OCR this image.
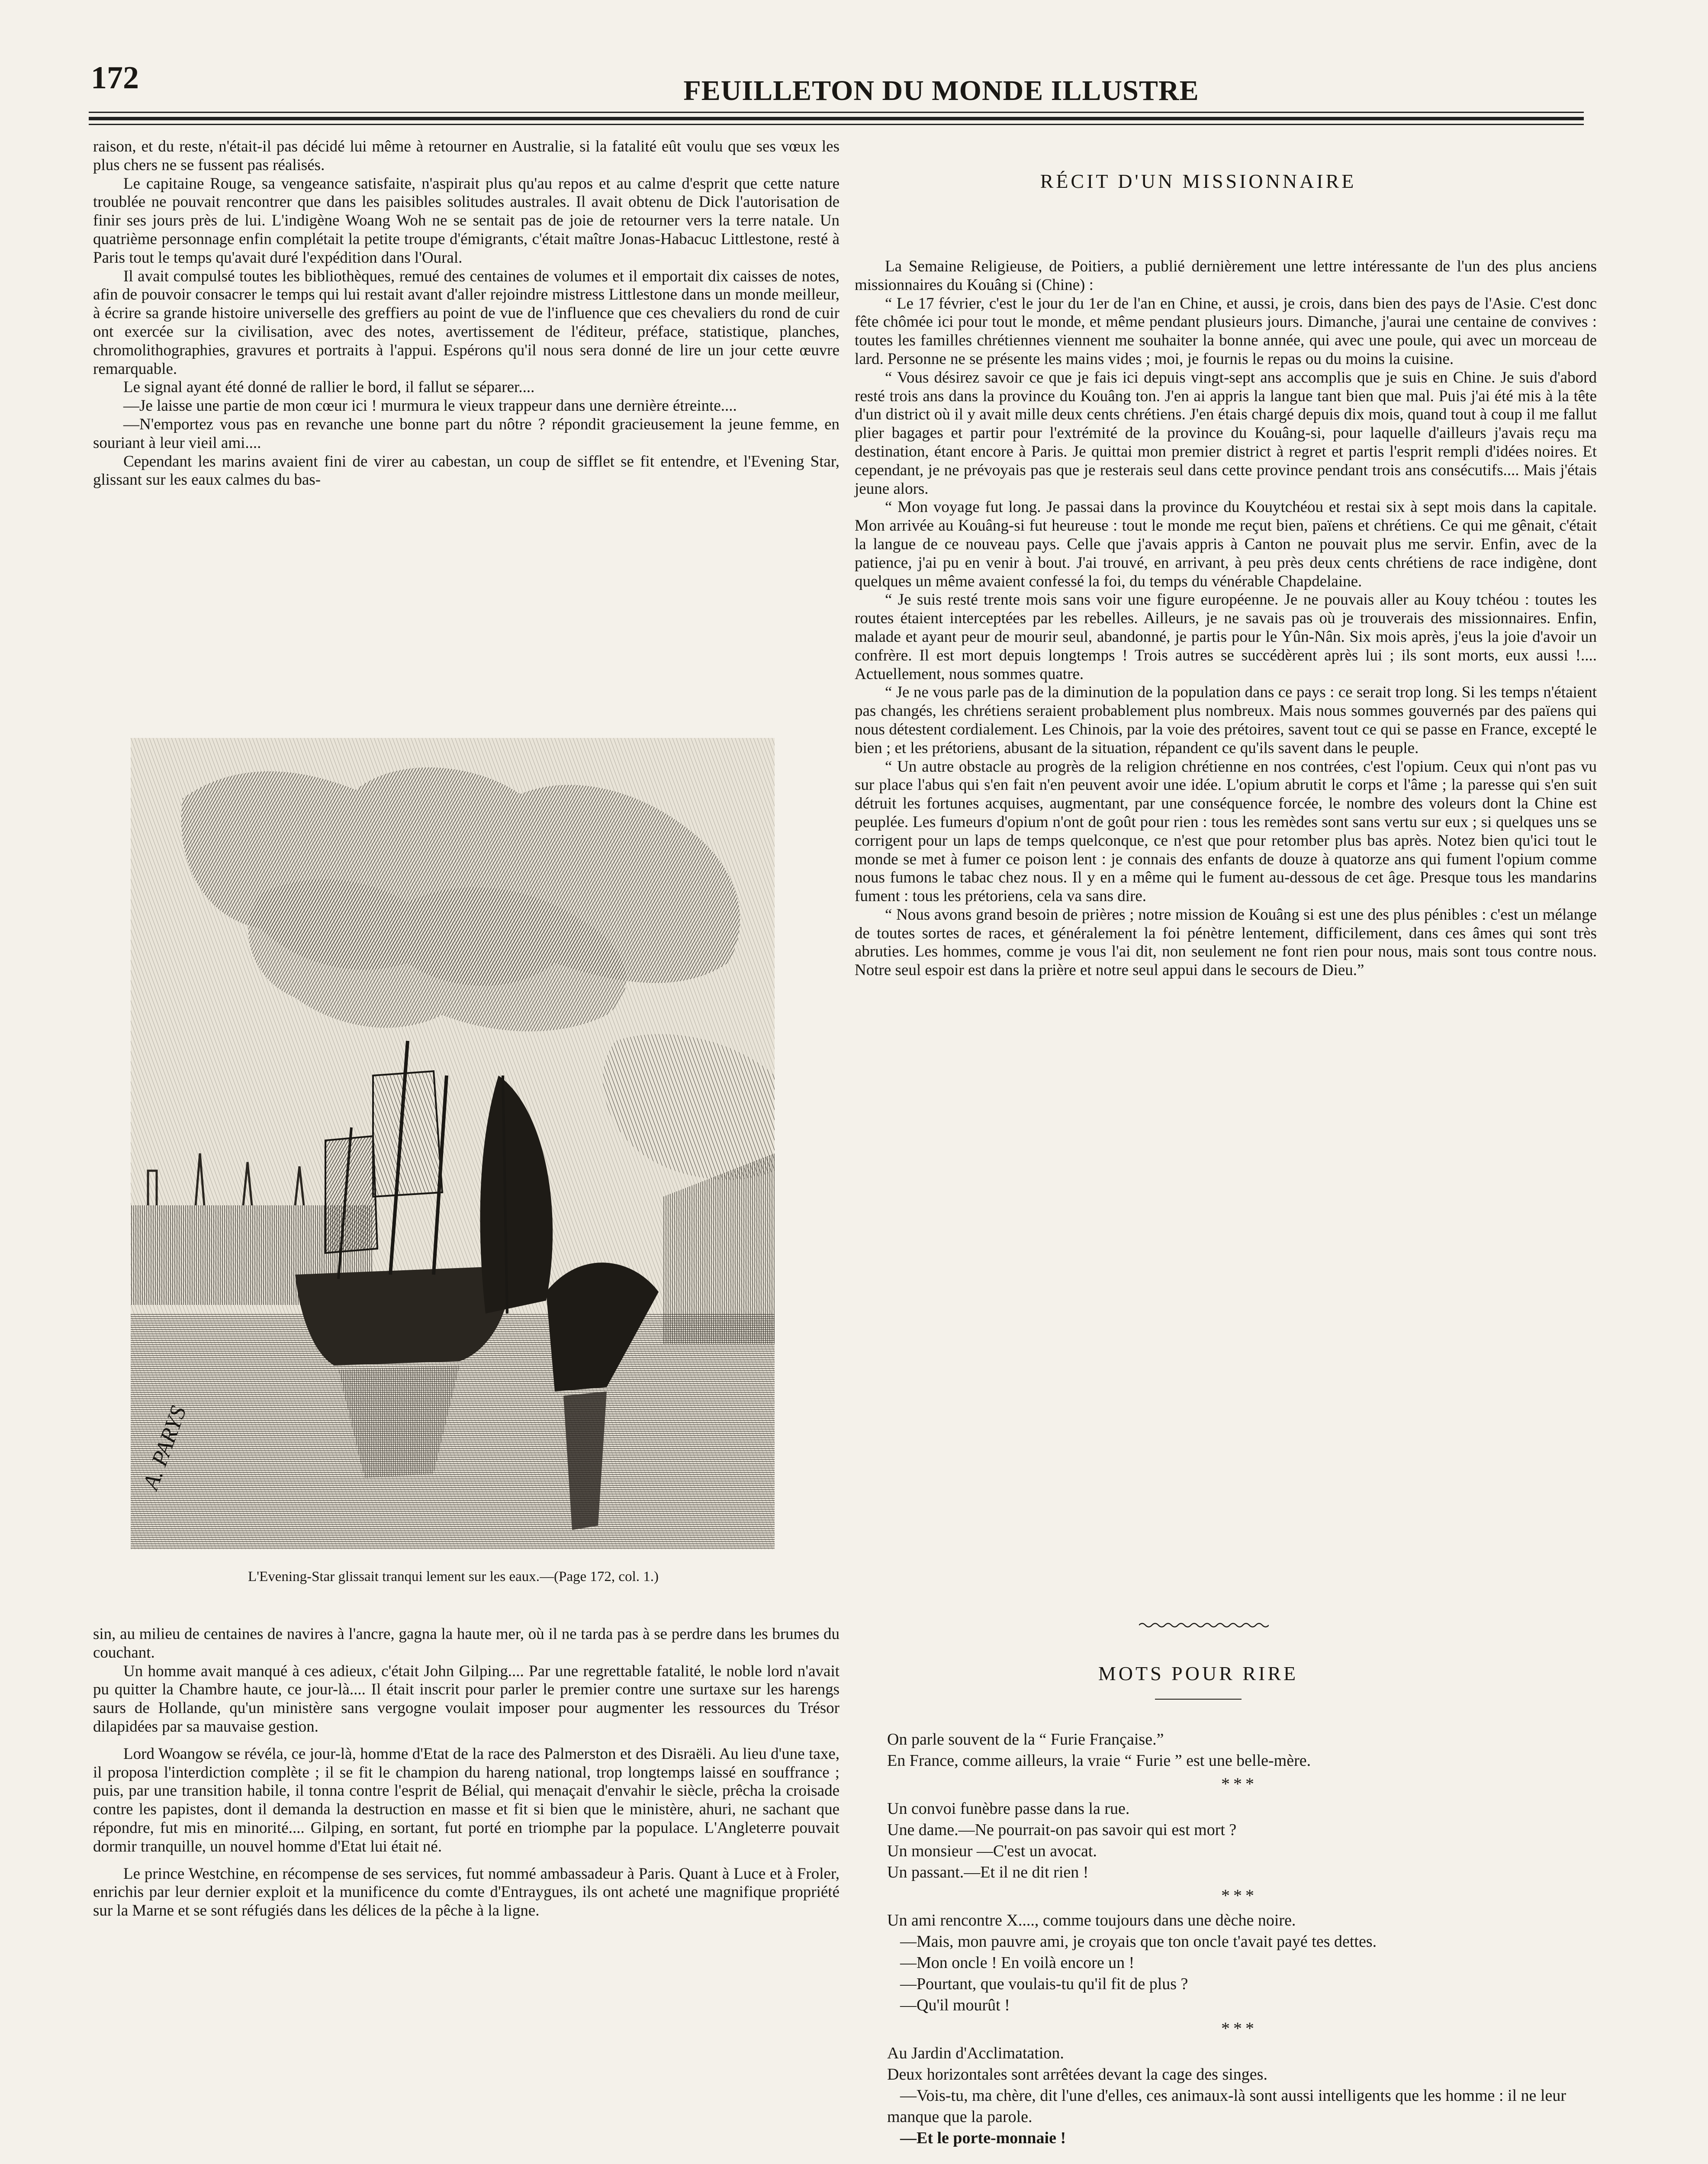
172	FEUILLETON DU MONDE ILLUSTRE

raison, et du reste, n'était-il pas décidé lui même à retourner en Australie, si la fatalité eût voulu que ses vœux les plus chers ne se fussent pas réalisés.

Le capitaine Rouge, sa vengeance satisfaite, n'aspirait plus qu'au repos et au calme d'esprit que cette nature troublée ne pouvait rencontrer que dans les paisibles solitudes australes. Il avait obtenu de Dick l'autorisation de finir ses jours près de lui. L'indigène Woang Woh ne se sentait pas de joie de retourner vers la terre natale. Un quatrième personnage enfin complétait la petite troupe d'émigrants, c'était maître Jonas-Habacuc Littlestone, resté à Paris tout le temps qu'avait duré l'expédition dans l'Oural.

Il avait compulsé toutes les bibliothèques, remué des centaines de volumes et il emportait dix caisses de notes, afin de pouvoir consacrer le temps qui lui restait avant d'aller rejoindre mistress Littlestone dans un monde meilleur, à écrire sa grande histoire universelle des greffiers au point de vue de l'influence que ces chevaliers du rond de cuir ont exercée sur la civilisation, avec des notes, avertissement de l'éditeur, préface, statistique, planches, chromolithographies, gravures et portraits à l'appui. Espérons qu'il nous sera donné de lire un jour cette œuvre remarquable.

Le signal ayant été donné de rallier le bord, il fallut se séparer....

—Je laisse une partie de mon cœur ici ! murmura le vieux trappeur dans une dernière étreinte....

—N'emportez vous pas en revanche une bonne part du nôtre ? répondit gracieusement la jeune femme, en souriant à leur vieil ami....

Cependant les marins avaient fini de virer au cabestan, un coup de sifflet se fit entendre, et l'Evening Star, glissant sur les eaux calmes du bas-

A. PARYS
L'Evening-Star glissait tranqui lement sur les eaux.—(Page 172, col. 1.)

sin, au milieu de centaines de navires à l'ancre, gagna la haute mer, où il ne tarda pas à se perdre dans les brumes du couchant.

Un homme avait manqué à ces adieux, c'était John Gilping.... Par une regrettable fatalité, le noble lord n'avait pu quitter la Chambre haute, ce jour-là.... Il était inscrit pour parler le premier contre une surtaxe sur les harengs saurs de Hollande, qu'un ministère sans vergogne voulait imposer pour augmenter les ressources du Trésor dilapidées par sa mauvaise gestion.

Lord Woangow se révéla, ce jour-là, homme d'Etat de la race des Palmerston et des Disraëli. Au lieu d'une taxe, il proposa l'interdiction complète ; il se fit le champion du hareng national, trop longtemps laissé en souffrance ; puis, par une transition habile, il tonna contre l'esprit de Bélial, qui menaçait d'envahir le siècle, prêcha la croisade contre les papistes, dont il demanda la destruction en masse et fit si bien que le ministère, ahuri, ne sachant que répondre, fut mis en minorité.... Gilping, en sortant, fut porté en triomphe par la populace. L'Angleterre pouvait dormir tranquille, un nouvel homme d'Etat lui était né.

Le prince Westchine, en récompense de ses services, fut nommé ambassadeur à Paris. Quant à Luce et à Froler, enrichis par leur dernier exploit et la munificence du comte d'Entraygues, ils ont acheté une magnifique propriété sur la Marne et se sont réfugiés dans les délices de la pêche à la ligne.

RÉCIT D'UN MISSIONNAIRE

La Semaine Religieuse, de Poitiers, a publié dernièrement une lettre intéressante de l'un des plus anciens missionnaires du Kouâng si (Chine) :

“ Le 17 février, c'est le jour du 1er de l'an en Chine, et aussi, je crois, dans bien des pays de l'Asie. C'est donc fête chômée ici pour tout le monde, et même pendant plusieurs jours. Dimanche, j'aurai une centaine de convives : toutes les familles chrétiennes viennent me souhaiter la bonne année, qui avec une poule, qui avec un morceau de lard. Personne ne se présente les mains vides ; moi, je fournis le repas ou du moins la cuisine.

“ Vous désirez savoir ce que je fais ici depuis vingt-sept ans accomplis que je suis en Chine. Je suis d'abord resté trois ans dans la province du Kouâng ton. J'en ai appris la langue tant bien que mal. Puis j'ai été mis à la tête d'un district où il y avait mille deux cents chrétiens. J'en étais chargé depuis dix mois, quand tout à coup il me fallut plier bagages et partir pour l'extrémité de la province du Kouâng-si, pour laquelle d'ailleurs j'avais reçu ma destination, étant encore à Paris. Je quittai mon premier district à regret et partis l'esprit rempli d'idées noires. Et cependant, je ne prévoyais pas que je resterais seul dans cette province pendant trois ans consécutifs.... Mais j'étais jeune alors.

“ Mon voyage fut long. Je passai dans la province du Kouytchéou et restai six à sept mois dans la capitale. Mon arrivée au Kouâng-si fut heureuse : tout le monde me reçut bien, païens et chrétiens. Ce qui me gênait, c'était la langue de ce nouveau pays. Celle que j'avais appris à Canton ne pouvait plus me servir. Enfin, avec de la patience, j'ai pu en venir à bout. J'ai trouvé, en arrivant, à peu près deux cents chrétiens de race indigène, dont quelques un même avaient confessé la foi, du temps du vénérable Chapdelaine.

“ Je suis resté trente mois sans voir une figure européenne. Je ne pouvais aller au Kouy tchéou : toutes les routes étaient interceptées par les rebelles. Ailleurs, je ne savais pas où je trouverais des missionnaires. Enfin, malade et ayant peur de mourir seul, abandonné, je partis pour le Yûn-Nân. Six mois après, j'eus la joie d'avoir un confrère. Il est mort depuis longtemps ! Trois autres se succédèrent après lui ; ils sont morts, eux aussi !.... Actuellement, nous sommes quatre.

“ Je ne vous parle pas de la diminution de la population dans ce pays : ce serait trop long. Si les temps n'étaient pas changés, les chrétiens seraient probablement plus nombreux. Mais nous sommes gouvernés par des païens qui nous détestent cordialement. Les Chinois, par la voie des prétoires, savent tout ce qui se passe en France, excepté le bien ; et les prétoriens, abusant de la situation, répandent ce qu'ils savent dans le peuple.

“ Un autre obstacle au progrès de la religion chrétienne en nos contrées, c'est l'opium. Ceux qui n'ont pas vu sur place l'abus qui s'en fait n'en peuvent avoir une idée. L'opium abrutit le corps et l'âme ; la paresse qui s'en suit détruit les fortunes acquises, augmentant, par une conséquence forcée, le nombre des voleurs dont la Chine est peuplée. Les fumeurs d'opium n'ont de goût pour rien : tous les remèdes sont sans vertu sur eux ; si quelques uns se corrigent pour un laps de temps quelconque, ce n'est que pour retomber plus bas après. Notez bien qu'ici tout le monde se met à fumer ce poison lent : je connais des enfants de douze à quatorze ans qui fument l'opium comme nous fumons le tabac chez nous. Il y en a même qui le fument au-dessous de cet âge. Presque tous les mandarins fument : tous les prétoriens, cela va sans dire.

“ Nous avons grand besoin de prières ; notre mission de Kouâng si est une des plus pénibles : c'est un mélange de toutes sortes de races, et généralement la foi pénètre lentement, difficilement, dans ces âmes qui sont très abruties. Les hommes, comme je vous l'ai dit, non seulement ne font rien pour nous, mais sont tous contre nous. Notre seul espoir est dans la prière et notre seul appui dans le secours de Dieu.”

MOTS POUR RIRE

On parle souvent de la “ Furie Française.”

En France, comme ailleurs, la vraie “ Furie ” est une belle-mère.

* * *

Un convoi funèbre passe dans la rue.

Une dame.—Ne pourrait-on pas savoir qui est mort ?

Un monsieur —C'est un avocat.

Un passant.—Et il ne dit rien !

* * *

Un ami rencontre X...., comme toujours dans une dèche noire.

—Mais, mon pauvre ami, je croyais que ton oncle t'avait payé tes dettes.

—Mon oncle ! En voilà encore un !

—Pourtant, que voulais-tu qu'il fit de plus ?

—Qu'il mourût !

* * *

Au Jardin d'Acclimatation.

Deux horizontales sont arrêtées devant la cage des singes.

—Vois-tu, ma chère, dit l'une d'elles, ces animaux-là sont aussi intelligents que les homme : il ne leur manque que la parole.

—Et le porte-monnaie !
